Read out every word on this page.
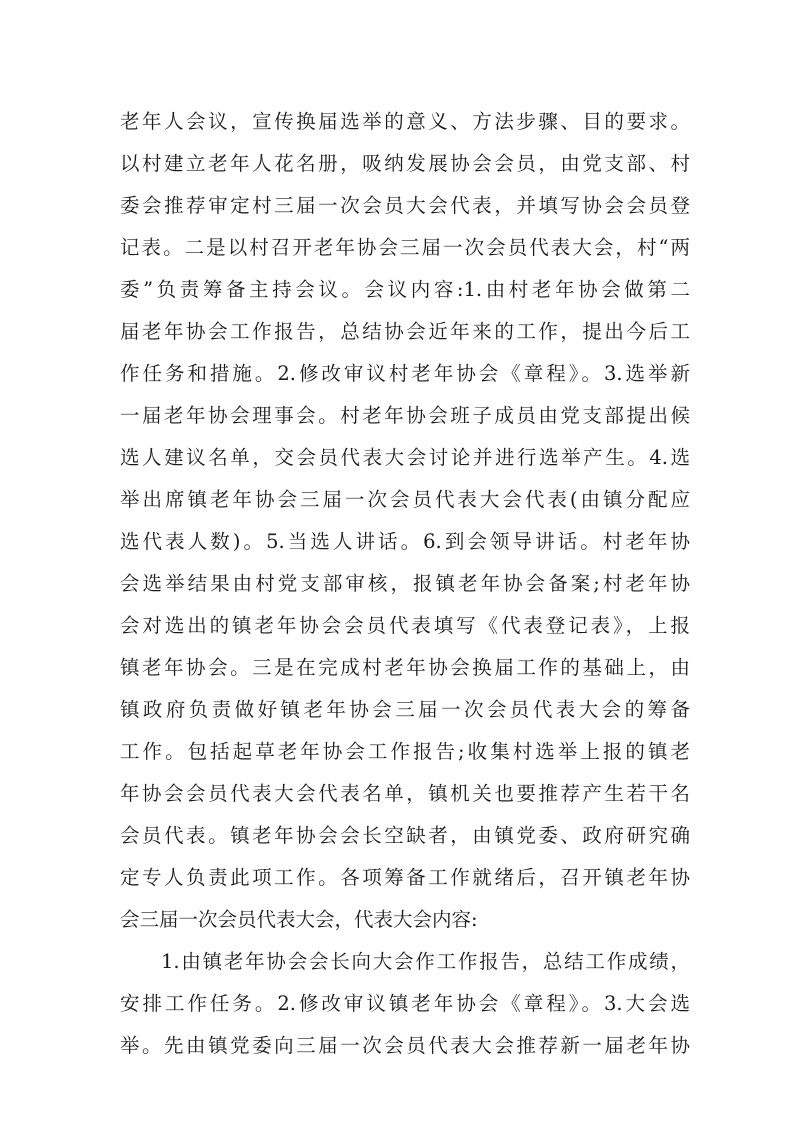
老年人会议，宣传换届选举的意义、方法步骤、目的要求。
以村建立老年人花名册，吸纳发展协会会员，由党支部、村
委会推荐审定村三届一次会员大会代表，并填写协会会员登
记表。二是以村召开老年协会三届一次会员代表大会，村“两
委”负责筹备主持会议。会议内容:1.由村老年协会做第二
届老年协会工作报告，总结协会近年来的工作，提出今后工
作任务和措施。2.修改审议村老年协会《章程》。3.选举新
一届老年协会理事会。村老年协会班子成员由党支部提出候
选人建议名单，交会员代表大会讨论并进行选举产生。4.选
举出席镇老年协会三届一次会员代表大会代表(由镇分配应
选代表人数)。5.当选人讲话。6.到会领导讲话。村老年协
会选举结果由村党支部审核，报镇老年协会备案;村老年协
会对选出的镇老年协会会员代表填写《代表登记表》，上报
镇老年协会。三是在完成村老年协会换届工作的基础上，由
镇政府负责做好镇老年协会三届一次会员代表大会的筹备
工作。包括起草老年协会工作报告;收集村选举上报的镇老
年协会会员代表大会代表名单，镇机关也要推荐产生若干名
会员代表。镇老年协会会长空缺者，由镇党委、政府研究确
定专人负责此项工作。各项筹备工作就绪后，召开镇老年协
会三届一次会员代表大会，代表大会内容:
1.由镇老年协会会长向大会作工作报告，总结工作成绩，
安排工作任务。2.修改审议镇老年协会《章程》。3.大会选
举。先由镇党委向三届一次会员代表大会推荐新一届老年协
